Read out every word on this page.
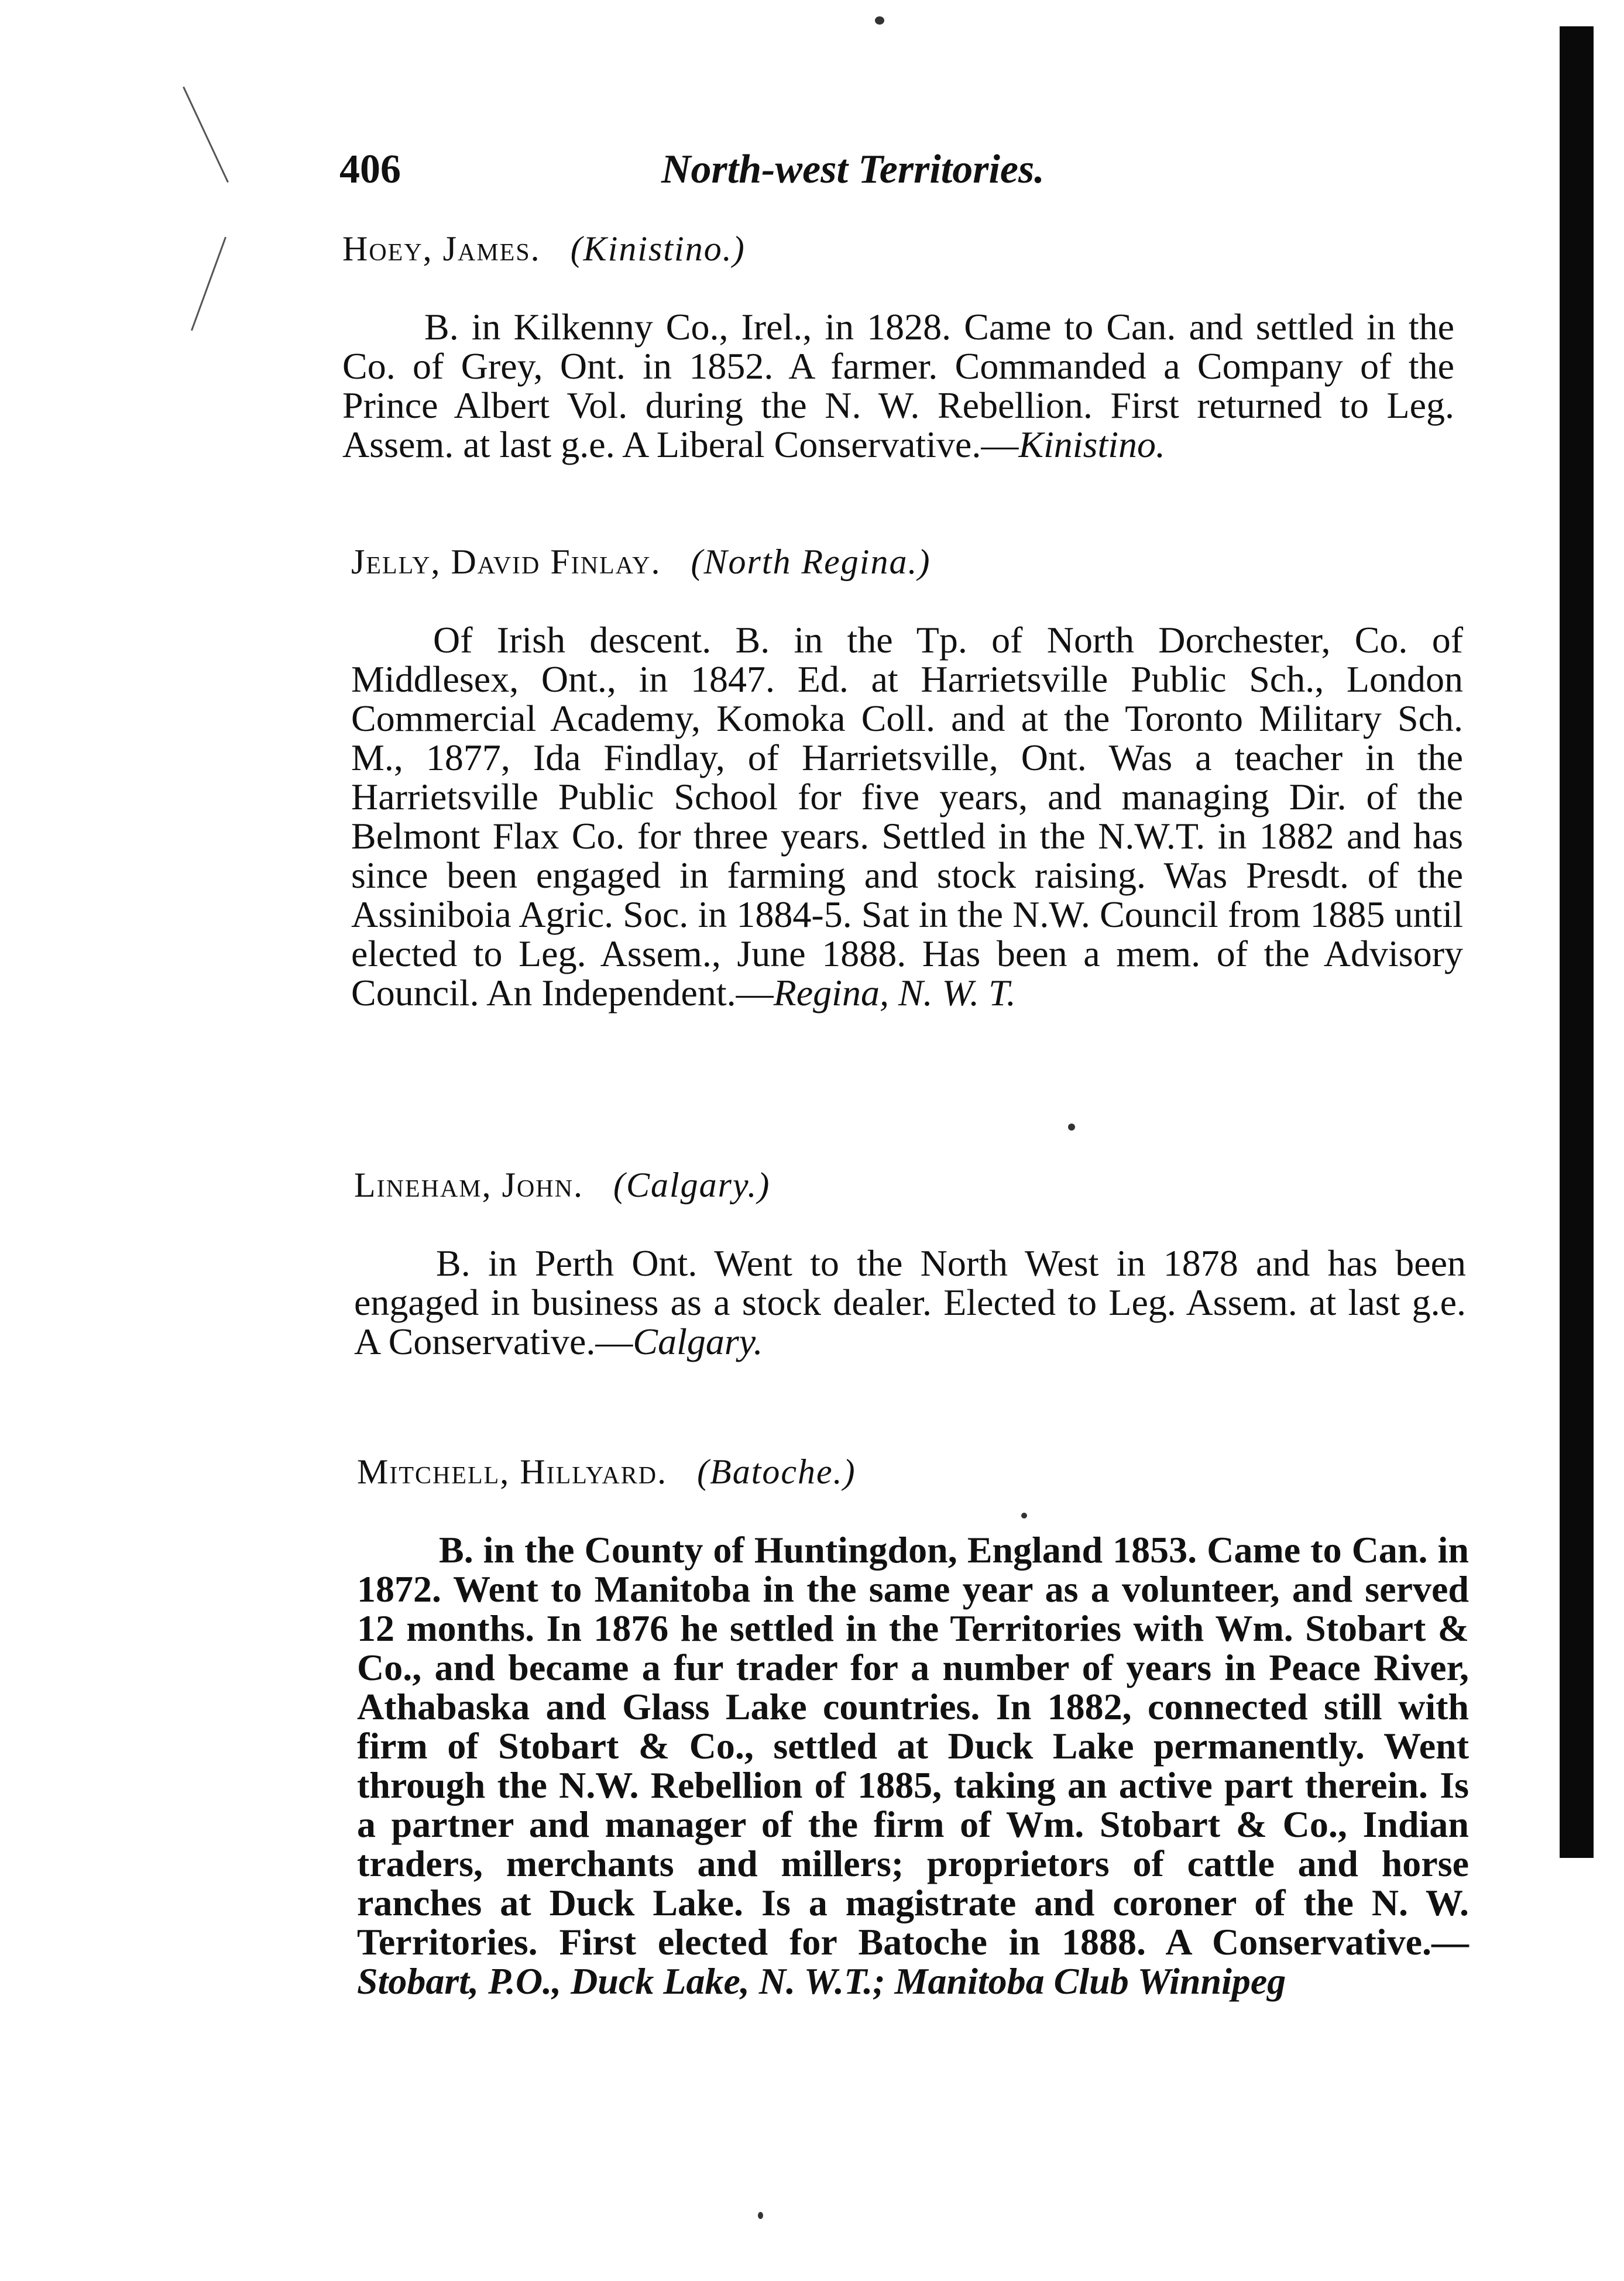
406	North-west Territories.
Hoey, James. (Kinistino.)
B. in Kilkenny Co., Irel., in 1828. Came to Can. and settled in the Co. of Grey, Ont. in 1852. A farmer. Commanded a Company of the Prince Albert Vol. during the N. W. Rebellion. First returned to Leg. Assem. at last g.e. A Liberal Conservative.—Kinistino.
Jelly, David Finlay. (North Regina.)
Of Irish descent. B. in the Tp. of North Dorchester, Co. of Middlesex, Ont., in 1847. Ed. at Harrietsville Public Sch., London Commercial Academy, Komoka Coll. and at the Toronto Military Sch. M., 1877, Ida Findlay, of Harrietsville, Ont. Was a teacher in the Harrietsville Public School for five years, and managing Dir. of the Belmont Flax Co. for three years. Settled in the N.W.T. in 1882 and has since been engaged in farming and stock raising. Was Presdt. of the Assiniboia Agric. Soc. in 1884-5. Sat in the N.W. Council from 1885 until elected to Leg. Assem., June 1888. Has been a mem. of the Advisory Council. An Independent.—Regina, N. W. T.
Lineham, John. (Calgary.)
B. in Perth Ont. Went to the North West in 1878 and has been engaged in business as a stock dealer. Elected to Leg. Assem. at last g.e. A Conservative.—Calgary.
Mitchell, Hillyard. (Batoche.)
B. in the County of Huntingdon, England 1853. Came to Can. in 1872. Went to Manitoba in the same year as a volunteer, and served 12 months. In 1876 he settled in the Territories with Wm. Stobart & Co., and became a fur trader for a number of years in Peace River, Athabaska and Glass Lake countries. In 1882, connected still with firm of Stobart & Co., settled at Duck Lake permanently. Went through the N.W. Rebellion of 1885, taking an active part therein. Is a partner and manager of the firm of Wm. Stobart & Co., Indian traders, merchants and millers; proprietors of cattle and horse ranches at Duck Lake. Is a magistrate and coroner of the N. W. Territories. First elected for Batoche in 1888. A Conservative.—Stobart, P.O., Duck Lake, N. W.T.; Manitoba Club Winnipeg
